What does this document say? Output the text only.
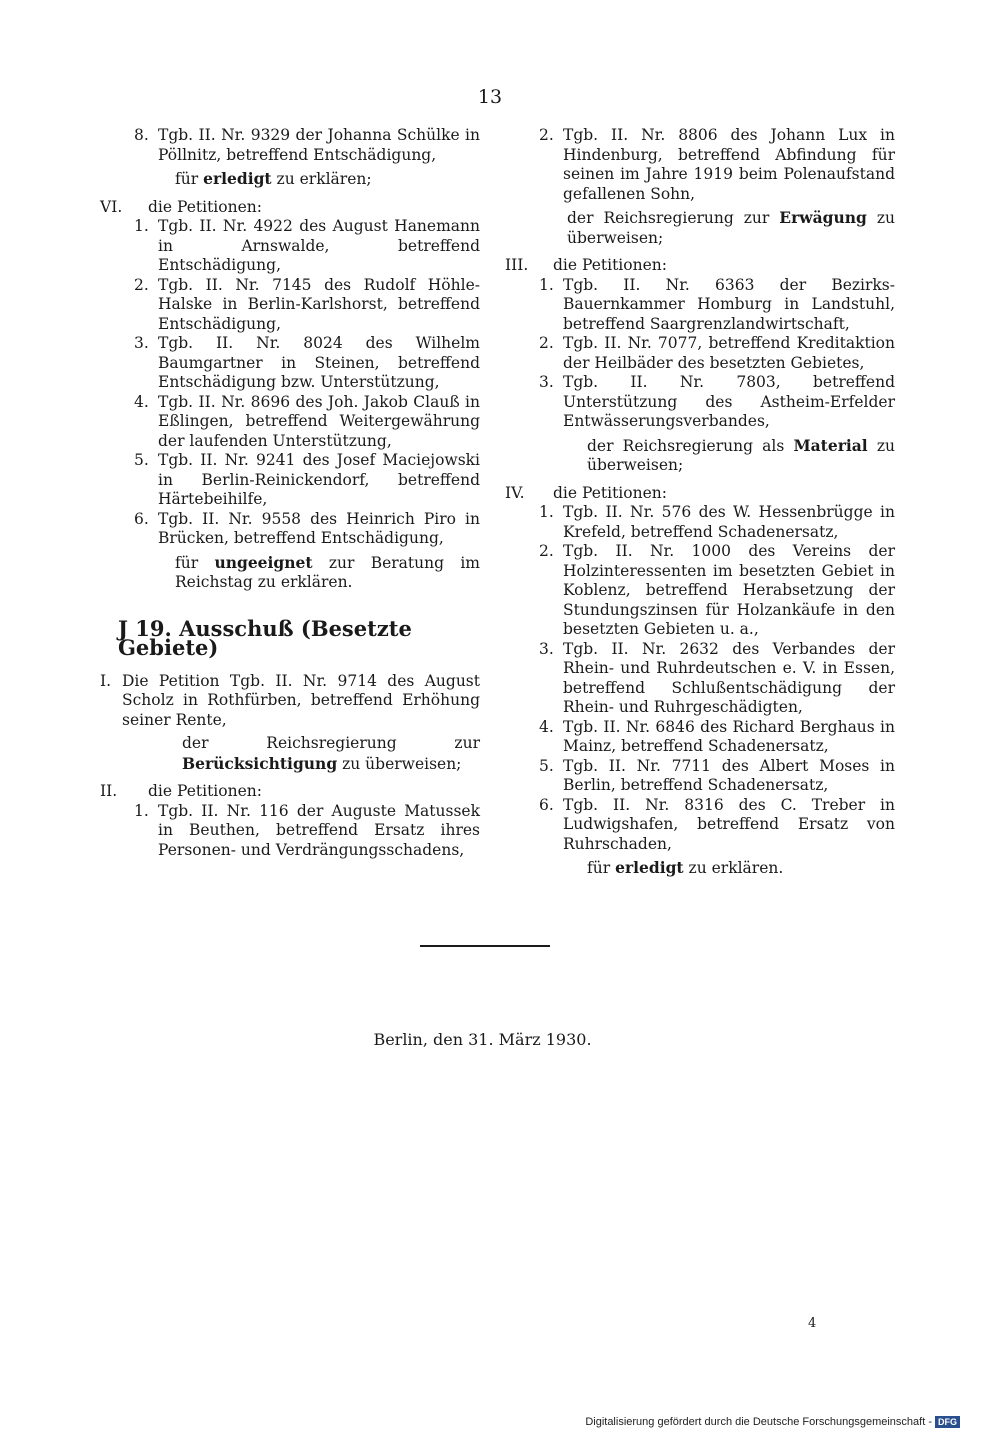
13
8. Tgb. II. Nr. 9329 der Johanna Schülke in Pöllnitz, betreffend Entschädigung,
für erledigt zu erklären;
VI. die Petitionen:
1. Tgb. II. Nr. 4922 des August Hanemann in Arnswalde, betreffend Entschädigung,
2. Tgb. II. Nr. 7145 des Rudolf Höhle-Halske in Berlin-Karlshorst, betreffend Entschädigung,
3. Tgb. II. Nr. 8024 des Wilhelm Baumgartner in Steinen, betreffend Entschädigung bzw. Unterstützung,
4. Tgb. II. Nr. 8696 des Joh. Jakob Clauß in Eßlingen, betreffend Weitergewährung der laufenden Unterstützung,
5. Tgb. II. Nr. 9241 des Josef Maciejowski in Berlin-Reinickendorf, betreffend Härtebeihilfe,
6. Tgb. II. Nr. 9558 des Heinrich Piro in Brücken, betreffend Entschädigung,
für ungeeignet zur Beratung im Reichstag zu erklären.
J 19. Ausschuß (Besetzte Gebiete)
I. Die Petition Tgb. II. Nr. 9714 des August Scholz in Rothfürben, betreffend Erhöhung seiner Rente,
der Reichsregierung zur Berücksichtigung zu überweisen;
II. die Petitionen:
1. Tgb. II. Nr. 116 der Auguste Matussek in Beuthen, betreffend Ersatz ihres Personen- und Verdrängungsschadens,
2. Tgb. II. Nr. 8806 des Johann Lux in Hindenburg, betreffend Abfindung für seinen im Jahre 1919 beim Polenaufstand gefallenen Sohn,
der Reichsregierung zur Erwägung zu überweisen;
III. die Petitionen:
1. Tgb. II. Nr. 6363 der Bezirks-Bauernkammer Homburg in Landstuhl, betreffend Saargrenzlandwirtschaft,
2. Tgb. II. Nr. 7077, betreffend Kreditaktion der Heilbäder des besetzten Gebietes,
3. Tgb. II. Nr. 7803, betreffend Unterstützung des Astheim-Erfelder Entwässerungsverbandes,
der Reichsregierung als Material zu überweisen;
IV. die Petitionen:
1. Tgb. II. Nr. 576 des W. Hessenbrügge in Krefeld, betreffend Schadenersatz,
2. Tgb. II. Nr. 1000 des Vereins der Holzinteressenten im besetzten Gebiet in Koblenz, betreffend Herabsetzung der Stundungszinsen für Holzankäufe in den besetzten Gebieten u. a.,
3. Tgb. II. Nr. 2632 des Verbandes der Rhein- und Ruhrdeutschen e. V. in Essen, betreffend Schlußentschädigung der Rhein- und Ruhrgeschädigten,
4. Tgb. II. Nr. 6846 des Richard Berghaus in Mainz, betreffend Schadenersatz,
5. Tgb. II. Nr. 7711 des Albert Moses in Berlin, betreffend Schadenersatz,
6. Tgb. II. Nr. 8316 des C. Treber in Ludwigshafen, betreffend Ersatz von Ruhrschaden,
für erledigt zu erklären.
Berlin, den 31. März 1930.
4
Digitalisierung gefördert durch die Deutsche Forschungsgemeinschaft - DFG
